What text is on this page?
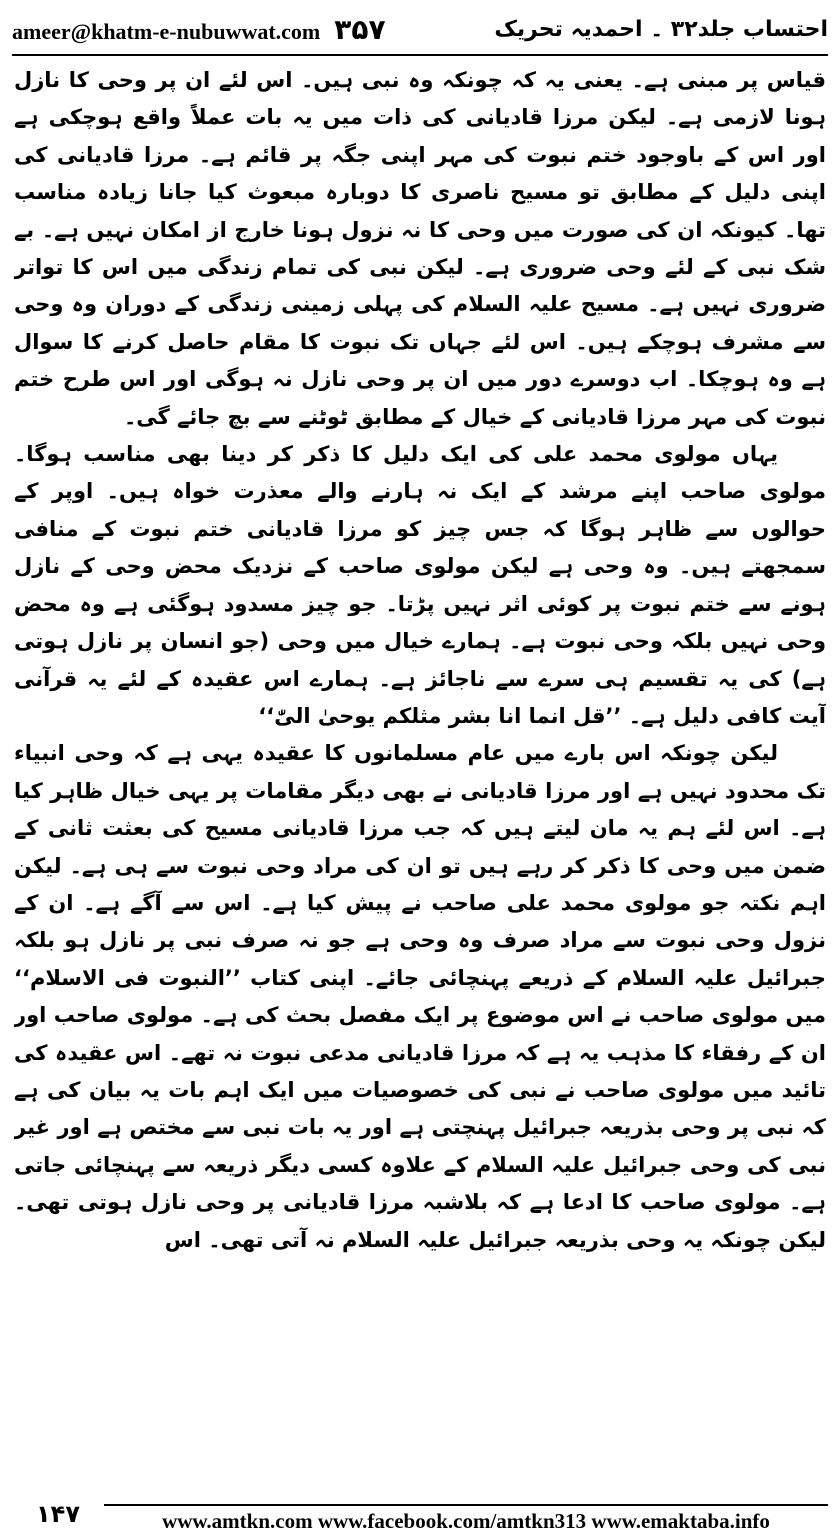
ameer@khatm-e-nubuwwat.com ۳۵۷	احتساب جلد۳۲ ۔ احمدیہ تحریک

قیاس پر مبنی ہے۔ یعنی یہ کہ چونکہ وہ نبی ہیں۔ اس لئے ان پر وحی کا نازل ہونا لازمی ہے۔ لیکن مرزا قادیانی کی ذات میں یہ بات عملاً واقع ہوچکی ہے اور اس کے باوجود ختم نبوت کی مہر اپنی جگہ پر قائم ہے۔ مرزا قادیانی کی اپنی دلیل کے مطابق تو مسیح ناصری کا دوبارہ مبعوث کیا جانا زیادہ مناسب تھا۔ کیونکہ ان کی صورت میں وحی کا نہ نزول ہونا خارج از امکان نہیں ہے۔ بے شک نبی کے لئے وحی ضروری ہے۔ لیکن نبی کی تمام زندگی میں اس کا تواتر ضروری نہیں ہے۔ مسیح علیہ السلام کی پہلی زمینی زندگی کے دوران وہ وحی سے مشرف ہوچکے ہیں۔ اس لئے جہاں تک نبوت کا مقام حاصل کرنے کا سوال ہے وہ ہوچکا۔ اب دوسرے دور میں ان پر وحی نازل نہ ہوگی اور اس طرح ختم نبوت کی مہر مرزا قادیانی کے خیال کے مطابق ٹوٹنے سے بچ جائے گی۔

یہاں مولوی محمد علی کی ایک دلیل کا ذکر کر دینا بھی مناسب ہوگا۔ مولوی صاحب اپنے مرشد کے ایک نہ ہارنے والے معذرت خواہ ہیں۔ اوپر کے حوالوں سے ظاہر ہوگا کہ جس چیز کو مرزا قادیانی ختم نبوت کے منافی سمجھتے ہیں۔ وہ وحی ہے لیکن مولوی صاحب کے نزدیک محض وحی کے نازل ہونے سے ختم نبوت پر کوئی اثر نہیں پڑتا۔ جو چیز مسدود ہوگئی ہے وہ محض وحی نہیں بلکہ وحی نبوت ہے۔ ہمارے خیال میں وحی (جو انسان پر نازل ہوتی ہے) کی یہ تقسیم ہی سرے سے ناجائز ہے۔ ہمارے اس عقیدہ کے لئے یہ قرآنی آیت کافی دلیل ہے۔ ’’قل انما انا بشر مثلکم یوحیٰ الیّٰ‘‘

لیکن چونکہ اس بارے میں عام مسلمانوں کا عقیدہ یہی ہے کہ وحی انبیاء تک محدود نہیں ہے اور مرزا قادیانی نے بھی دیگر مقامات پر یہی خیال ظاہر کیا ہے۔ اس لئے ہم یہ مان لیتے ہیں کہ جب مرزا قادیانی مسیح کی بعثت ثانی کے ضمن میں وحی کا ذکر کر رہے ہیں تو ان کی مراد وحی نبوت سے ہی ہے۔ لیکن اہم نکتہ جو مولوی محمد علی صاحب نے پیش کیا ہے۔ اس سے آگے ہے۔ ان کے نزول وحی نبوت سے مراد صرف وہ وحی ہے جو نہ صرف نبی پر نازل ہو بلکہ جبرائیل علیہ السلام کے ذریعے پہنچائی جائے۔ اپنی کتاب ’’النبوت فی الاسلام‘‘ میں مولوی صاحب نے اس موضوع پر ایک مفصل بحث کی ہے۔ مولوی صاحب اور ان کے رفقاء کا مذہب یہ ہے کہ مرزا قادیانی مدعی نبوت نہ تھے۔ اس عقیدہ کی تائید میں مولوی صاحب نے نبی کی خصوصیات میں ایک اہم بات یہ بیان کی ہے کہ نبی پر وحی بذریعہ جبرائیل پہنچتی ہے اور یہ بات نبی سے مختص ہے اور غیر نبی کی وحی جبرائیل علیہ السلام کے علاوہ کسی دیگر ذریعہ سے پہنچائی جاتی ہے۔ مولوی صاحب کا ادعا ہے کہ بلاشبہ مرزا قادیانی پر وحی نازل ہوتی تھی۔ لیکن چونکہ یہ وحی بذریعہ جبرائیل علیہ السلام نہ آتی تھی۔ اس

۱۴۷	www.amtkn.com www.facebook.com/amtkn313 www.emaktaba.info
